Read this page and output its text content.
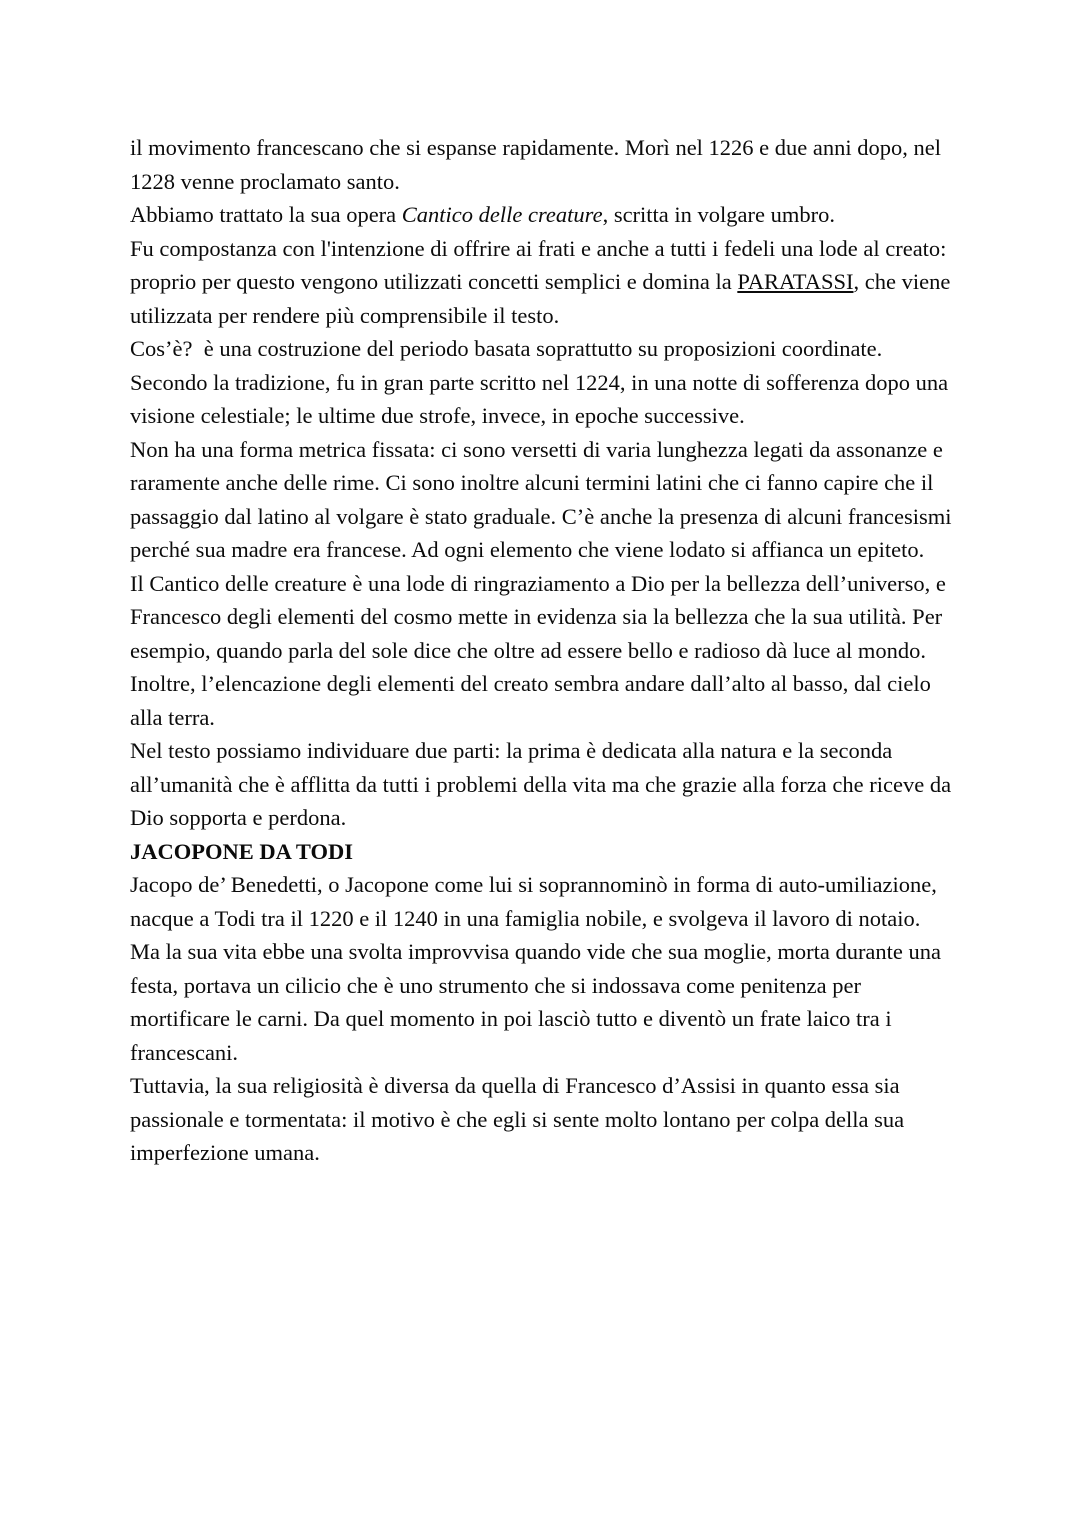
il movimento francescano che si espanse rapidamente. Morì nel 1226 e due anni dopo, nel 1228 venne proclamato santo.

Abbiamo trattato la sua opera Cantico delle creature, scritta in volgare umbro.

Fu compostanza con l'intenzione di offrire ai frati e anche a tutti i fedeli una lode al creato: proprio per questo vengono utilizzati concetti semplici e domina la PARATASSI, che viene utilizzata per rendere più comprensibile il testo.

Cos’è?  è una costruzione del periodo basata soprattutto su proposizioni coordinate.

Secondo la tradizione, fu in gran parte scritto nel 1224, in una notte di sofferenza dopo una visione celestiale; le ultime due strofe, invece, in epoche successive.

Non ha una forma metrica fissata: ci sono versetti di varia lunghezza legati da assonanze e raramente anche delle rime. Ci sono inoltre alcuni termini latini che ci fanno capire che il passaggio dal latino al volgare è stato graduale. C’è anche la presenza di alcuni francesismi perché sua madre era francese. Ad ogni elemento che viene lodato si affianca un epiteto.

Il Cantico delle creature è una lode di ringraziamento a Dio per la bellezza dell’universo, e Francesco degli elementi del cosmo mette in evidenza sia la bellezza che la sua utilità. Per esempio, quando parla del sole dice che oltre ad essere bello e radioso dà luce al mondo. Inoltre, l’elencazione degli elementi del creato sembra andare dall’alto al basso, dal cielo alla terra.

Nel testo possiamo individuare due parti: la prima è dedicata alla natura e la seconda all’umanità che è afflitta da tutti i problemi della vita ma che grazie alla forza che riceve da Dio sopporta e perdona.

JACOPONE DA TODI

Jacopo de’ Benedetti, o Jacopone come lui si soprannominò in forma di auto-umiliazione, nacque a Todi tra il 1220 e il 1240 in una famiglia nobile, e svolgeva il lavoro di notaio.

Ma la sua vita ebbe una svolta improvvisa quando vide che sua moglie, morta durante una festa, portava un cilicio che è uno strumento che si indossava come penitenza per mortificare le carni. Da quel momento in poi lasciò tutto e diventò un frate laico tra i francescani.

Tuttavia, la sua religiosità è diversa da quella di Francesco d’Assisi in quanto essa sia passionale e tormentata: il motivo è che egli si sente molto lontano per colpa della sua imperfezione umana.
